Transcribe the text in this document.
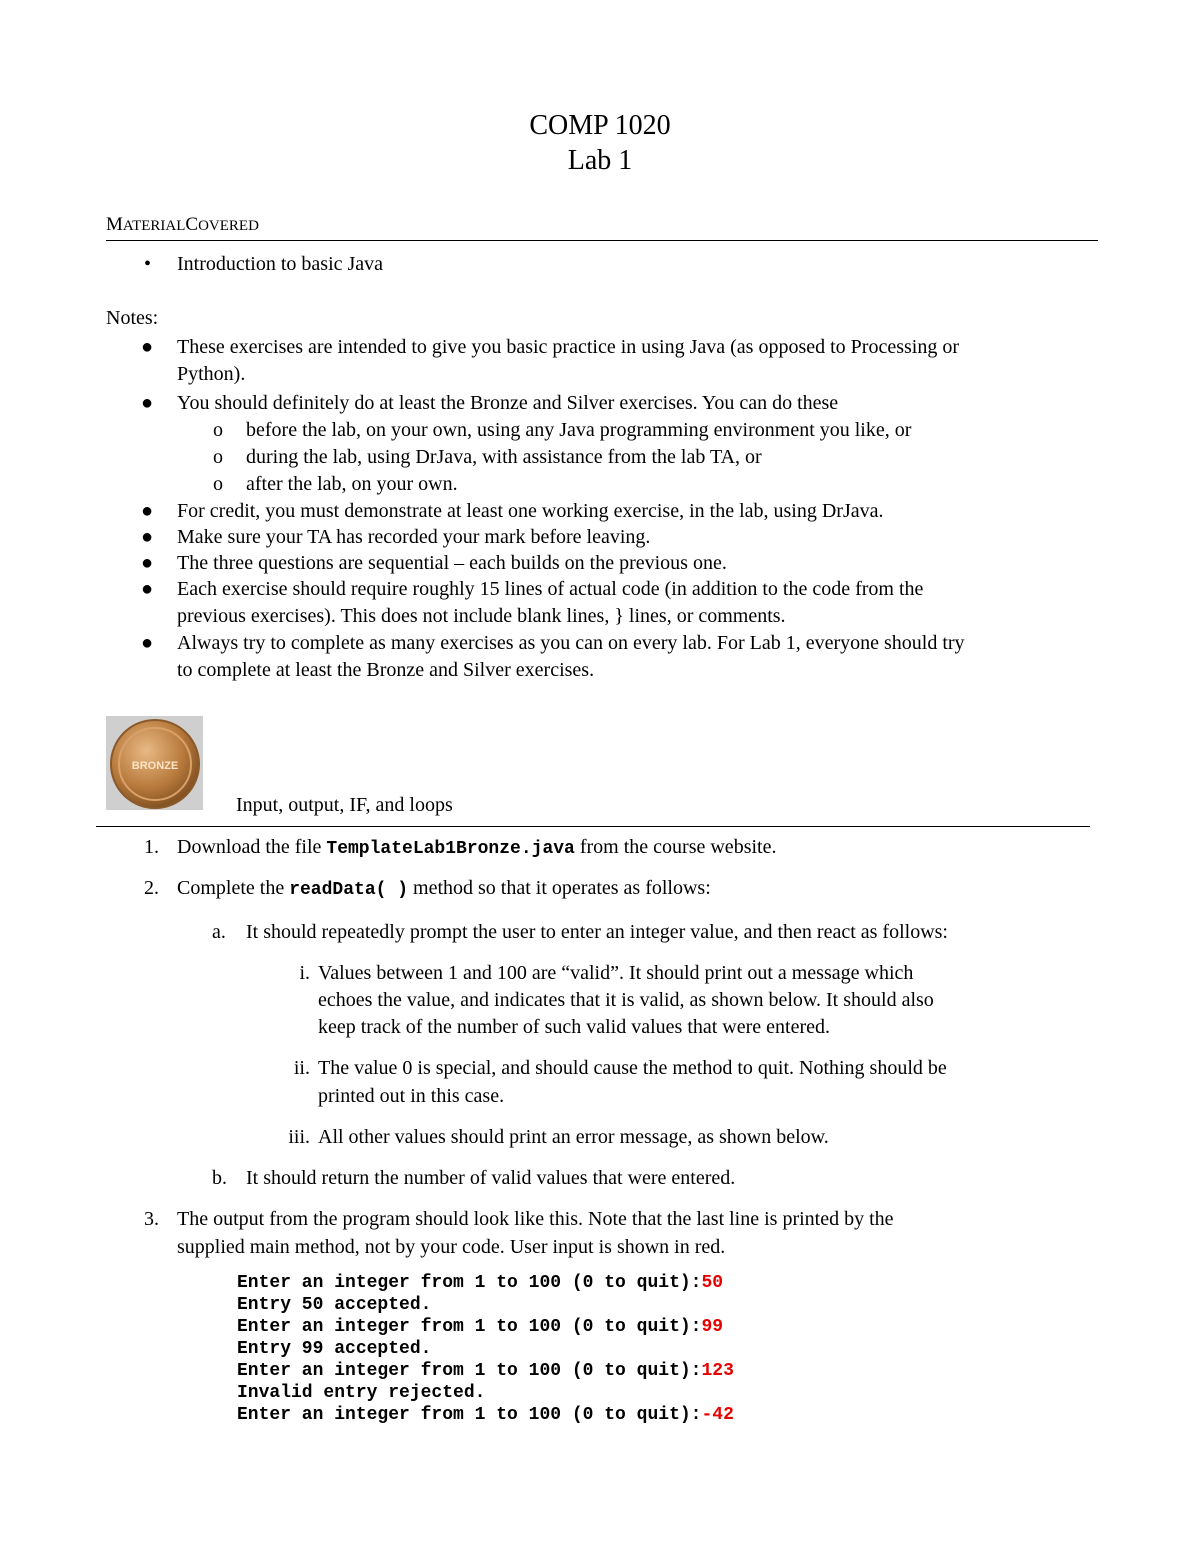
COMP 1020
Lab 1
MATERIALCOVERED
• Introduction to basic Java
Notes:
● These exercises are intended to give you basic practice in using Java (as opposed to Processing or
Python).
● You should definitely do at least the Bronze and Silver exercises. You can do these
o before the lab, on your own, using any Java programming environment you like, or
o during the lab, using DrJava, with assistance from the lab TA, or
o after the lab, on your own.
● For credit, you must demonstrate at least one working exercise, in the lab, using DrJava.
● Make sure your TA has recorded your mark before leaving.
● The three questions are sequential – each builds on the previous one.
● Each exercise should require roughly 15 lines of actual code (in addition to the code from the
previous exercises). This does not include blank lines, } lines, or comments.
● Always try to complete as many exercises as you can on every lab. For Lab 1, everyone should try
to complete at least the Bronze and Silver exercises.
BRONZE
Input, output, IF, and loops
1. Download the file TemplateLab1Bronze.java from the course website.
2. Complete the readData( ) method so that it operates as follows:
a. It should repeatedly prompt the user to enter an integer value, and then react as follows:
i. Values between 1 and 100 are “valid”. It should print out a message which
echoes the value, and indicates that it is valid, as shown below. It should also
keep track of the number of such valid values that were entered.
ii. The value 0 is special, and should cause the method to quit. Nothing should be
printed out in this case.
iii. All other values should print an error message, as shown below.
b. It should return the number of valid values that were entered.
3. The output from the program should look like this. Note that the last line is printed by the
supplied main method, not by your code. User input is shown in red.
Enter an integer from 1 to 100 (0 to quit):50
Entry 50 accepted.
Enter an integer from 1 to 100 (0 to quit):99
Entry 99 accepted.
Enter an integer from 1 to 100 (0 to quit):123
Invalid entry rejected.
Enter an integer from 1 to 100 (0 to quit):-42
